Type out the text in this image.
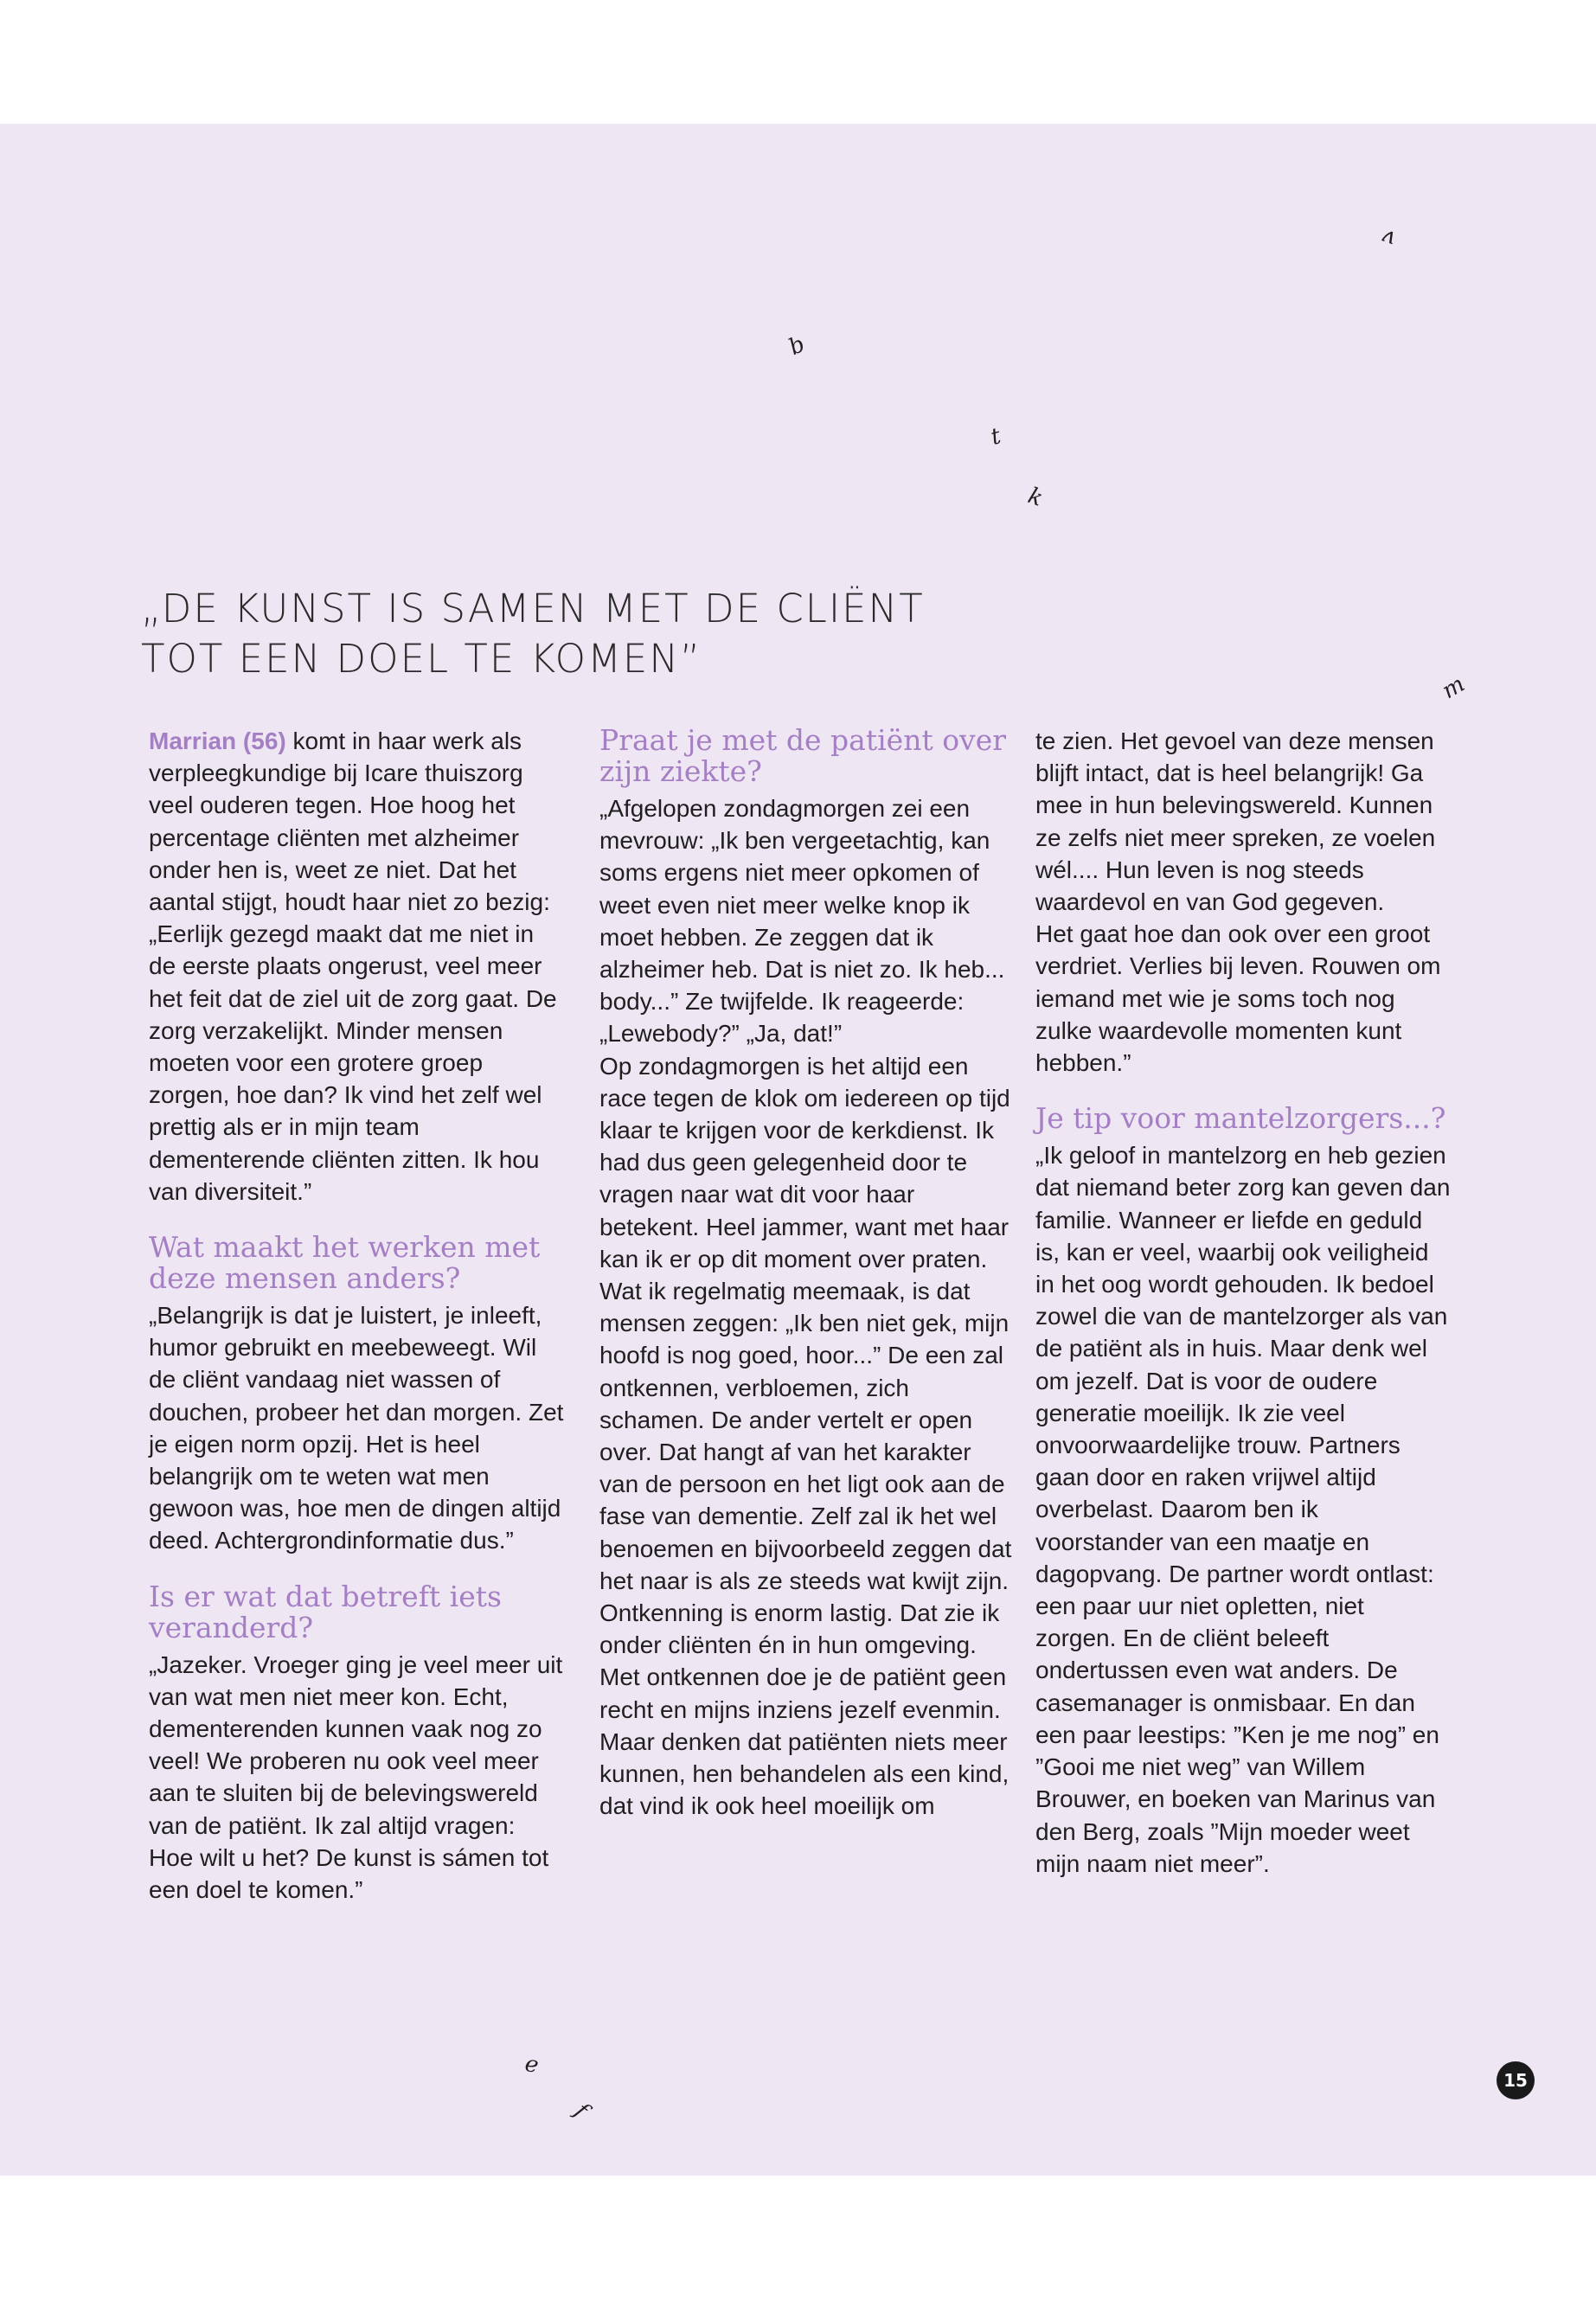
v
b
t
k
m
e
f
„DE KUNST IS SAMEN MET DE CLIËNT
TOT EEN DOEL TE KOMEN”

Marrian (56) komt in haar werk als verpleegkundige bij Icare thuiszorg veel ouderen tegen. Hoe hoog het percentage cliënten met alzheimer onder hen is, weet ze niet. Dat het aantal stijgt, houdt haar niet zo bezig: „Eerlijk gezegd maakt dat me niet in de eerste plaats ongerust, veel meer het feit dat de ziel uit de zorg gaat. De zorg verzakelijkt. Minder mensen moeten voor een grotere groep zorgen, hoe dan? Ik vind het zelf wel prettig als er in mijn team dementerende cliënten zitten. Ik hou van diversiteit.”

Wat maakt het werken met deze mensen anders?

„Belangrijk is dat je luistert, je inleeft, humor gebruikt en meebeweegt. Wil de cliënt vandaag niet wassen of douchen, probeer het dan morgen. Zet je eigen norm opzij. Het is heel belangrijk om te weten wat men gewoon was, hoe men de dingen altijd deed. Achtergrondinformatie dus.”

Is er wat dat betreft iets veranderd?

„Jazeker. Vroeger ging je veel meer uit van wat men niet meer kon. Echt, dementerenden kunnen vaak nog zo veel! We proberen nu ook veel meer aan te sluiten bij de belevingswereld van de patiënt. Ik zal altijd vragen: Hoe wilt u het? De kunst is sámen tot een doel te komen.”

Praat je met de patiënt over zijn ziekte?

„Afgelopen zondagmorgen zei een mevrouw: „Ik ben vergeetachtig, kan soms ergens niet meer opkomen of weet even niet meer welke knop ik moet hebben. Ze zeggen dat ik alzheimer heb. Dat is niet zo. Ik heb... body...” Ze twijfelde. Ik reageerde: „Lewebody?” „Ja, dat!”

Op zondagmorgen is het altijd een race tegen de klok om iedereen op tijd klaar te krijgen voor de kerkdienst. Ik had dus geen gelegenheid door te vragen naar wat dit voor haar betekent. Heel jammer, want met haar kan ik er op dit moment over praten. Wat ik regelmatig meemaak, is dat mensen zeggen: „Ik ben niet gek, mijn hoofd is nog goed, hoor...” De een zal ontkennen, verbloemen, zich schamen. De ander vertelt er open over. Dat hangt af van het karakter van de persoon en het ligt ook aan de fase van dementie. Zelf zal ik het wel benoemen en bijvoorbeeld zeggen dat het naar is als ze steeds wat kwijt zijn. Ontkenning is enorm lastig. Dat zie ik onder cliënten én in hun omgeving. Met ontkennen doe je de patiënt geen recht en mijns inziens jezelf evenmin. Maar denken dat patiënten niets meer kunnen, hen behandelen als een kind, dat vind ik ook heel moeilijk om

te zien. Het gevoel van deze mensen blijft intact, dat is heel belangrijk! Ga mee in hun belevingswereld. Kunnen ze zelfs niet meer spreken, ze voelen wél.... Hun leven is nog steeds waardevol en van God gegeven.

Het gaat hoe dan ook over een groot verdriet. Verlies bij leven. Rouwen om iemand met wie je soms toch nog zulke waardevolle momenten kunt hebben.”

Je tip voor mantelzorgers...?

„Ik geloof in mantelzorg en heb gezien dat niemand beter zorg kan geven dan familie. Wanneer er liefde en geduld is, kan er veel, waarbij ook veiligheid in het oog wordt gehouden. Ik bedoel zowel die van de mantelzorger als van de patiënt als in huis. Maar denk wel om jezelf. Dat is voor de oudere generatie moeilijk. Ik zie veel onvoorwaardelijke trouw. Partners gaan door en raken vrijwel altijd overbelast. Daarom ben ik voorstander van een maatje en dagopvang. De partner wordt ontlast: een paar uur niet opletten, niet zorgen. En de cliënt beleeft ondertussen even wat anders. De casemanager is onmisbaar. En dan een paar leestips: ”Ken je me nog” en ”Gooi me niet weg” van Willem Brouwer, en boeken van Marinus van den Berg, zoals ”Mijn moeder weet mijn naam niet meer”.

15
